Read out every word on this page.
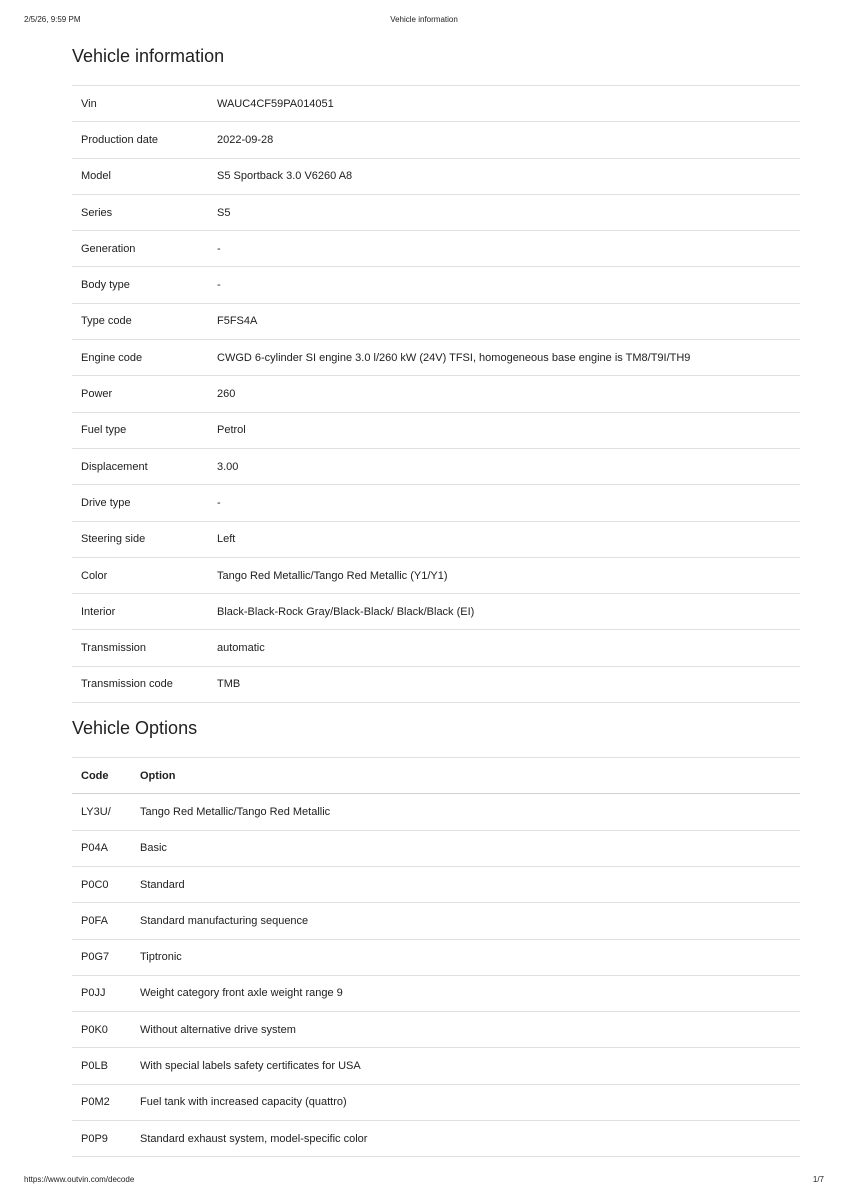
2/5/26, 9:59 PM	Vehicle information
Vehicle information
Vin	WAUC4CF59PA014051
Production date	2022-09-28
Model	S5 Sportback 3.0 V6260 A8
Series	S5
Generation	-
Body type	-
Type code	F5FS4A
Engine code	CWGD 6-cylinder SI engine 3.0 l/260 kW (24V) TFSI, homogeneous base engine is TM8/T9I/TH9
Power	260
Fuel type	Petrol
Displacement	3.00
Drive type	-
Steering side	Left
Color	Tango Red Metallic/Tango Red Metallic (Y1/Y1)
Interior	Black-Black-Rock Gray/Black-Black/ Black/Black (EI)
Transmission	automatic
Transmission code	TMB
Vehicle Options
Code	Option
LY3U/	Tango Red Metallic/Tango Red Metallic
P04A	Basic
P0C0	Standard
P0FA	Standard manufacturing sequence
P0G7	Tiptronic
P0JJ	Weight category front axle weight range 9
P0K0	Without alternative drive system
P0LB	With special labels safety certificates for USA
P0M2	Fuel tank with increased capacity (quattro)
P0P9	Standard exhaust system, model-specific color
https://www.outvin.com/decode	1/7
